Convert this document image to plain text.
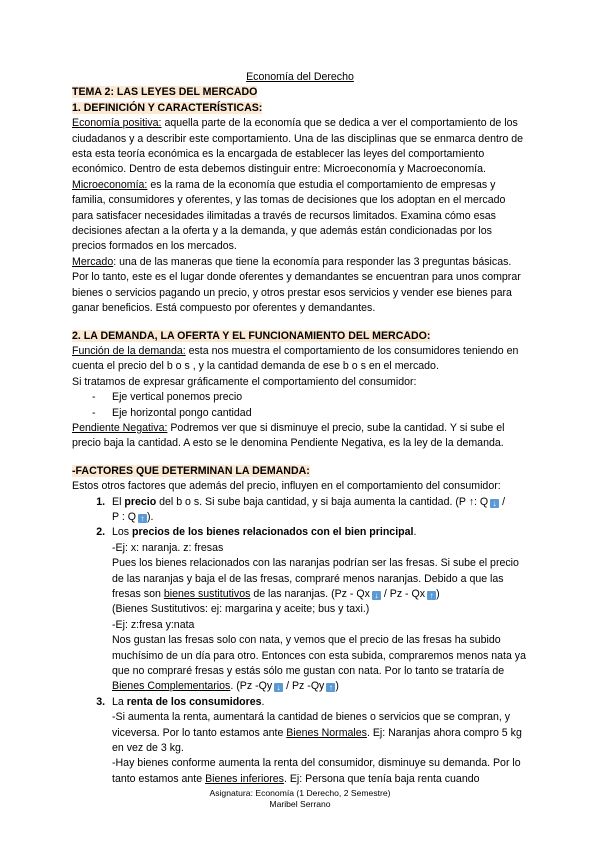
Economía del Derecho

TEMA 2: LAS LEYES DEL MERCADO

1. DEFINICIÓN Y CARACTERÍSTICAS:

Economía positiva: aquella parte de la economía que se dedica a ver el comportamiento de los ciudadanos y a describir este comportamiento. Una de las disciplinas que se enmarca dentro de esta esta teoría económica es la encargada de establecer las leyes del comportamiento económico. Dentro de esta debemos distinguir entre: Microeconomía y Macroeconomía.

Microeconomía: es la rama de la economía que estudia el comportamiento de empresas y familia, consumidores y oferentes, y las tomas de decisiones que los adoptan en el mercado para satisfacer necesidades ilimitadas a través de recursos limitados. Examina cómo esas decisiones afectan a la oferta y a la demanda, y que además están condicionadas por los precios formados en los mercados.

Mercado: una de las maneras que tiene la economía para responder las 3 preguntas básicas. Por lo tanto, este es el lugar donde oferentes y demandantes se encuentran para unos comprar bienes o servicios pagando un precio, y otros prestar esos servicios y vender ese bienes para ganar beneficios. Está compuesto por oferentes y demandantes.

2. LA DEMANDA, LA OFERTA Y EL FUNCIONAMIENTO DEL MERCADO:

Función de la demanda: esta nos muestra el comportamiento de los consumidores teniendo en cuenta el precio del b o s , y la cantidad demanda de ese b o s en el mercado.

Si tratamos de expresar gráficamente el comportamiento del consumidor:

- Eje vertical ponemos precio
- Eje horizontal pongo cantidad

Pendiente Negativa: Podremos ver que si disminuye el precio, sube la cantidad. Y si sube el precio baja la cantidad. A esto se le denomina Pendiente Negativa, es la ley de la demanda.

-FACTORES QUE DETERMINAN LA DEMANDA:

Estos otros factores que además del precio, influyen en el comportamiento del consumidor:

1. El precio del b o s. Si sube baja cantidad, y si baja aumenta la cantidad. (P ↑: Q ↓ /
P : Q ↑ ).
2. Los precios de los bienes relacionados con el bien principal.
-Ej: x: naranja. z: fresas
Pues los bienes relacionados con las naranjas podrían ser las fresas. Si sube el precio de las naranjas y baja el de las fresas, compraré menos naranjas. Debido a que las fresas son bienes sustitutivos de las naranjas. (Pz - Qx ↓ / Pz - Qx ↑ )
(Bienes Sustitutivos: ej: margarina y aceite; bus y taxi.)
-Ej: z:fresa y:nata
Nos gustan las fresas solo con nata, y vemos que el precio de las fresas ha subido muchísimo de un día para otro. Entonces con esta subida, compraremos menos nata ya que no compraré fresas y estás sólo me gustan con nata. Por lo tanto se trataría de Bienes Complementarios. (Pz -Qy ↓ / Pz -Qy ↑ )
3. La renta de los consumidores.
-Si aumenta la renta, aumentará la cantidad de bienes o servicios que se compran, y viceversa. Por lo tanto estamos ante Bienes Normales. Ej: Naranjas ahora compro 5 kg en vez de 3 kg.
-Hay bienes conforme aumenta la renta del consumidor, disminuye su demanda. Por lo tanto estamos ante Bienes inferiores. Ej: Persona que tenía baja renta cuando
Asignatura: Economía (1 Derecho, 2 Semestre)
Maribel Serrano
